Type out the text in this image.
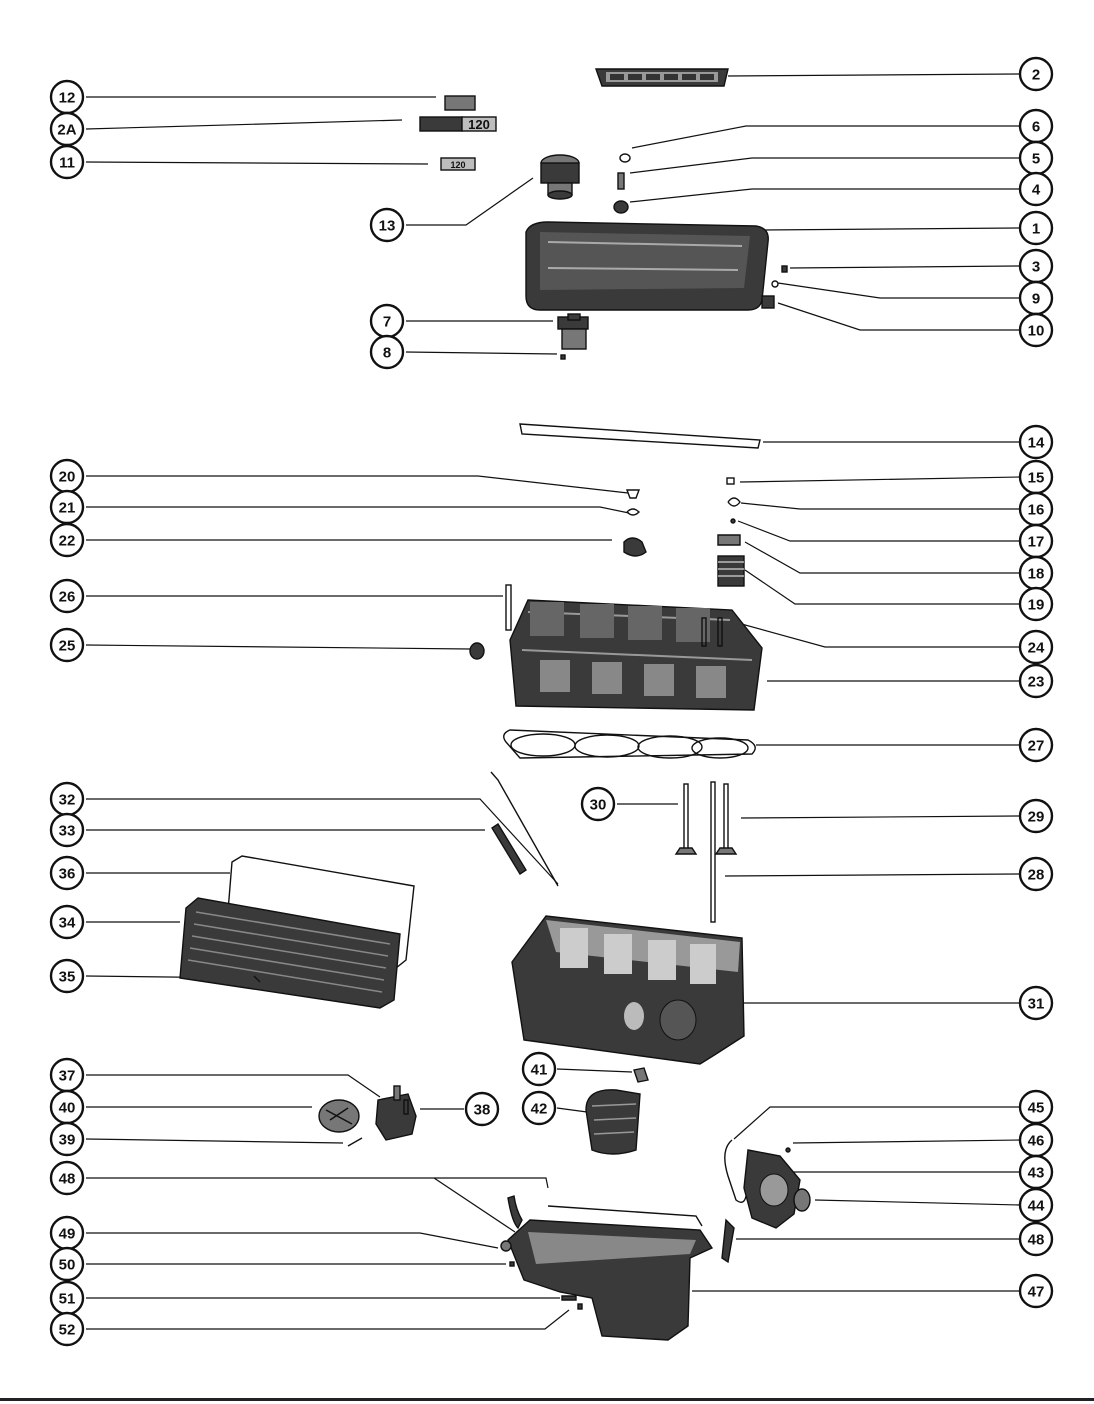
120
120
2
12
2A	6
11	5
4
13	1
3
9
7
10
8
14
20	15
21	16
22	17
18
26	19
25	24
23
27
32	30
29
33
36	28
34
35
31
37	41
40	38	42	45
39	46
48	43
44
49	48
50
51	47
52
